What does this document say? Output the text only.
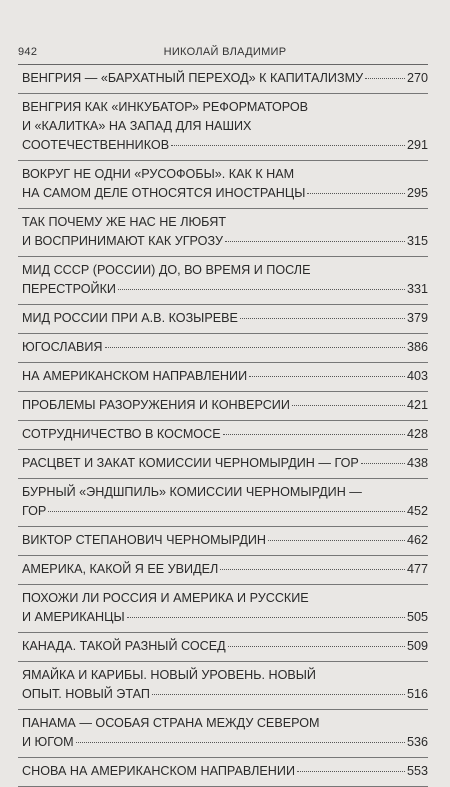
942	НИКОЛАЙ ВЛАДИМИР
ВЕНГРИЯ — «БАРХАТНЫЙ ПЕРЕХОД» К КАПИТАЛИЗМУ	270
ВЕНГРИЯ КАК «ИНКУБАТОР» РЕФОРМАТОРОВ
И «КАЛИТКА» НА ЗАПАД ДЛЯ НАШИХ
СООТЕЧЕСТВЕННИКОВ	291
ВОКРУГ НЕ ОДНИ «РУСОФОБЫ». КАК К НАМ
НА САМОМ ДЕЛЕ ОТНОСЯТСЯ ИНОСТРАНЦЫ	295
ТАК ПОЧЕМУ ЖЕ НАС НЕ ЛЮБЯТ
И ВОСПРИНИМАЮТ КАК УГРОЗУ	315
МИД СССР (РОССИИ) ДО, ВО ВРЕМЯ И ПОСЛЕ
ПЕРЕСТРОЙКИ	331
МИД РОССИИ ПРИ А.В. КОЗЫРЕВЕ	379
ЮГОСЛАВИЯ	386
НА АМЕРИКАНСКОМ НАПРАВЛЕНИИ	403
ПРОБЛЕМЫ РАЗОРУЖЕНИЯ И КОНВЕРСИИ	421
СОТРУДНИЧЕСТВО В КОСМОСЕ	428
РАСЦВЕТ И ЗАКАТ КОМИССИИ ЧЕРНОМЫРДИН — ГОР	438
БУРНЫЙ «ЭНДШПИЛЬ» КОМИССИИ ЧЕРНОМЫРДИН —
ГОР	452
ВИКТОР СТЕПАНОВИЧ ЧЕРНОМЫРДИН	462
АМЕРИКА, КАКОЙ Я ЕЕ УВИДЕЛ	477
ПОХОЖИ ЛИ РОССИЯ И АМЕРИКА И РУССКИЕ
И АМЕРИКАНЦЫ	505
КАНАДА. ТАКОЙ РАЗНЫЙ СОСЕД	509
ЯМАЙКА И КАРИБЫ. НОВЫЙ УРОВЕНЬ. НОВЫЙ
ОПЫТ. НОВЫЙ ЭТАП	516
ПАНАМА — ОСОБАЯ СТРАНА МЕЖДУ СЕВЕРОМ
И ЮГОМ	536
СНОВА НА АМЕРИКАНСКОМ НАПРАВЛЕНИИ	553
